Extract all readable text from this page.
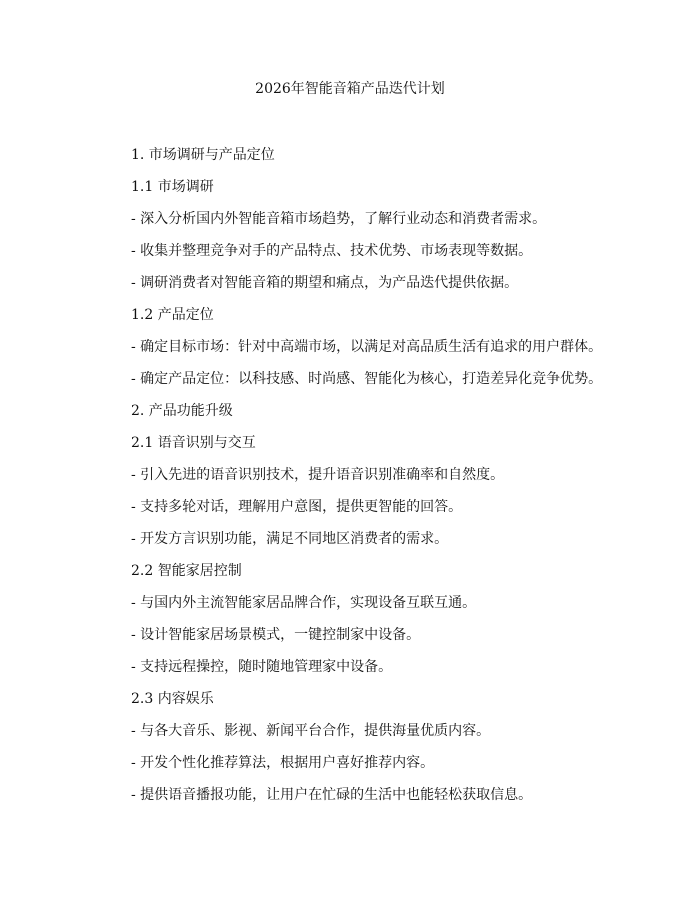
2026年智能音箱产品迭代计划
1. 市场调研与产品定位
1.1 市场调研
- 深入分析国内外智能音箱市场趋势，了解行业动态和消费者需求。
- 收集并整理竞争对手的产品特点、技术优势、市场表现等数据。
- 调研消费者对智能音箱的期望和痛点，为产品迭代提供依据。
1.2 产品定位
- 确定目标市场：针对中高端市场，以满足对高品质生活有追求的用户群体。
- 确定产品定位：以科技感、时尚感、智能化为核心，打造差异化竞争优势。
2. 产品功能升级
2.1 语音识别与交互
- 引入先进的语音识别技术，提升语音识别准确率和自然度。
- 支持多轮对话，理解用户意图，提供更智能的回答。
- 开发方言识别功能，满足不同地区消费者的需求。
2.2 智能家居控制
- 与国内外主流智能家居品牌合作，实现设备互联互通。
- 设计智能家居场景模式，一键控制家中设备。
- 支持远程操控，随时随地管理家中设备。
2.3 内容娱乐
- 与各大音乐、影视、新闻平台合作，提供海量优质内容。
- 开发个性化推荐算法，根据用户喜好推荐内容。
- 提供语音播报功能，让用户在忙碌的生活中也能轻松获取信息。
